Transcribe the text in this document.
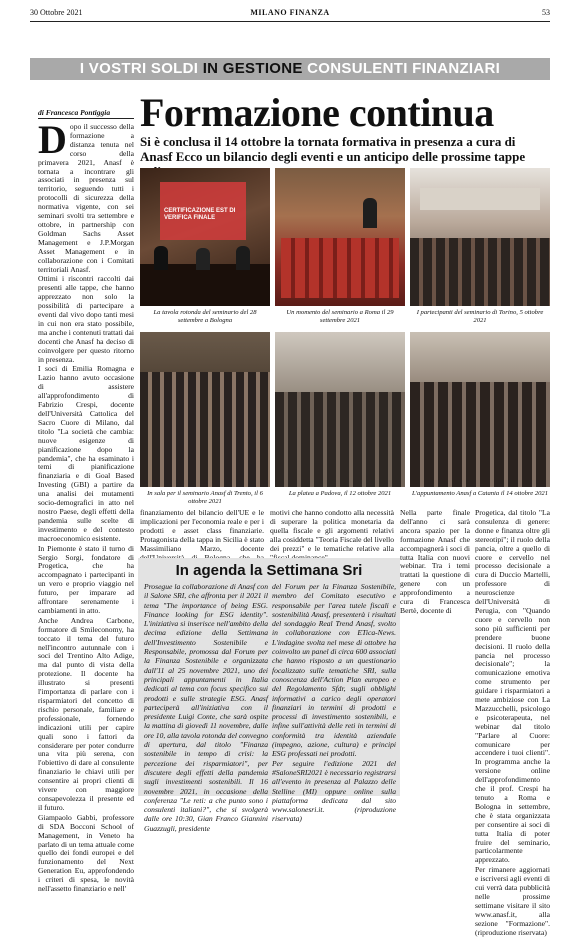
30 Ottobre 2021	MILANO FINANZA	53
I VOSTRI SOLDI IN GESTIONE CONSULENTI FINANZIARI
di Francesca Pontiggia Formazione continua
Si è conclusa il 14 ottobre la tornata formativa in presenza a cura di Anasf Ecco un bilancio degli eventi e un anticipo delle prossime tappe
D opo il successo della formazione a distanza tenuta nel corso della primavera 2021, Anasf è tornata a incontrare gli associati in presenza sul territorio, seguendo tutti i protocolli di sicurezza della normativa vigente, con sei seminari svolti tra settembre e ottobre, in partnership con Goldman Sachs Asset Management e J.P.Morgan Asset Management e in collaborazione con i Comitati territoriali Anasf.

Ottimi i riscontri raccolti dai presenti alle tappe, che hanno apprezzato non solo la possibilità di partecipare a eventi dal vivo dopo tanti mesi in cui non era stato possibile, ma anche i contenuti trattati dai docenti che Anasf ha deciso di coinvolgere per questo ritorno in presenza.

I soci di Emilia Romagna e Lazio hanno avuto occasione di assistere all'approfondimento di Fabrizio Crespi, docente dell'Università Cattolica del Sacro Cuore di Milano, dal titolo "La società che cambia: nuove esigenze di pianificazione dopo la pandemia", che ha esaminato i temi di pianificazione finanziaria e di Goal Based Investing (GBI) a partire da una analisi dei mutamenti socio-demografici in atto nel nostro Paese, degli effetti della pandemia sulle scelte di investimento e del contesto macroeconomico esistente.

In Piemonte è stato il turno di Sergio Sorgi, fondatore di Progetica, che ha accompagnato i partecipanti in un vero e proprio viaggio nel futuro, per imparare ad affrontare serenamente i cambiamenti in atto.

Anche Andrea Carbone, formatore di Smileconomy, ha toccato il tema del futuro nell'incontro autunnale con i soci del Trentino Alto Adige, ma dal punto di vista della protezione. Il docente ha illustrato si presenti l'importanza di parlare con i risparmiatori del concetto di rischio personale, familiare e professionale, fornendo indicazioni utili per capire quali sono i fattori da considerare per poter condurre una vita più serena, con l'obiettivo di dare al consulente finanziario le chiavi utili per consentire ai propri clienti di vivere con maggiore consapevolezza il presente ed il futuro.

Giampaolo Gabbi, professore di SDA Bocconi School of Management, in Veneto ha parlato di un tema attuale come quello dei fondi europei e del funzionamento del Next Generation Eu, approfondendo i criteri di spesa, le novità nell'assetto finanziario e nell'

CERTIFICAZIONE EST DI VERIFICA FINALE
La tavola rotonda del seminario del 28 settembre a Bologna
Un momento del seminario a Roma il 29 settembre 2021
I partecipanti del seminario di Torino, 5 ottobre 2021
In sala per il seminario Anasf di Trento, il 6 ottobre 2021
La platea a Padova, il 12 ottobre 2021	L'appuntamento Anasf a Catania il 14 ottobre 2021
finanziamento del bilancio dell'UE e le implicazioni per l'economia reale e per i prodotti e asset class finanziarie. Protagonista della tappa in Sicilia è stato Massimiliano Marzo, docente
motivi che hanno condotto alla necessità di superare la politica monetaria da quella fiscale e gli argomenti relativi alla cosiddetta "Teoria Fiscale del livello dei prezzi" e le tematiche relative alla
Nella parte finale dell'anno ci sarà ancora spazio per la formazione Anasf che accompagnerà i soci di tutta Italia con nuovi webinar. Tra i temi trattati la questione di genere con un approfondimento a cura di Francesca Bertè, docente di

Progetica, dal titolo "La consulenza di genere: donne e finanza oltre gli stereotipi"; il ruolo della pancia, oltre a quello di cuore e cervello nel processo decisionale a cura di Duccio Martelli, professore di neuroscienze dell'Università di Perugia, con "Quando cuore e cervello non sono più sufficienti per prendere buone decisioni. Il ruolo della pancia nel processo decisionale"; la comunicazione emotiva come strumento per guidare i risparmiatori a mete ambiziose con La Mazzucchelli, psicologo e psicoterapeuta, nel webinar dal titolo "Parlare al Cuore: comunicare per accendere i tuoi clienti". In programma anche la versione online dell'approfondimento che il prof. Crespi ha tenuto a Roma e Bologna in settembre, che è stata organizzata per consentire ai soci di tutta Italia di poter fruire del seminario, particolarmente apprezzato.

Per rimanere aggiornati e iscriversi agli eventi di cui verrà data pubblicità nelle prossime settimane visitare il sito www.anasf.it, alla sezione "Formazione". (riproduzione riservata)

In agenda la Settimana Sri
Prosegue la collaborazione di Anasf con il Salone SRI, che affronta per il 2021 il tema "The importance of being ESG. Finance looking for ESG identity". L'iniziativa si inserisce nell'ambito della decima edizione della Settimana dell'Investimento Sostenibile e Responsabile, promossa dal Forum per la Finanza Sostenibile e organizzata dall'11 al 25 novembre 2021, uno dei principali appuntamenti in Italia dedicati al tema con focus specifico sui prodotti e sulle strategie ESG. Anasf parteciperà all'iniziativa con il presidente Luigi Conte, che sarà ospite la mattina di giovedì 11 novembre, dalle ore 10, alla tavola rotonda del convegno di apertura, dal titolo "Finanza sostenibile in tempo di crisi: la percezione dei risparmiatori", per discutere degli effetti della pandemia sugli investimenti sostenibili. Il 16 novembre 2021, in occasione della conferenza "Le reti: a che punto sono i consulenti italiani?", che si svolgerà dalle ore 10:30, Gian Franco Giannini Guazzugli, presidente
del Forum per la Finanza Sostenibile, membro del Comitato esecutivo e responsabile per l'area tutele fiscali e sostenibilità Anasf, presenterà i risultati del sondaggio Real Trend Anasf, svolto in collaborazione con ETica-News. L'indagine svolta nel mese di ottobre ha coinvolto un panel di circa 600 associati che hanno risposto a un questionario focalizzato sulle tematiche SRI, sulla conoscenza dell'Action Plan europeo e del Regolamento Sfdr, sugli obblighi informativi a carico degli operatori finanziari in termini di prodotti e processi di investimento sostenibili, e infine sull'attività delle reti in termini di conformità tra identità aziendale (impegno, azione, cultura) e principi ESG professati nei prodotti.
Per seguire l'edizione 2021 del #SaloneSRI2021 è necessario registrarsi all'evento in presenza al Palazzo delle Stelline (MI) oppure online sulla piattaforma dedicata dal sito www.salonesri.it. (riproduzione riservata)
